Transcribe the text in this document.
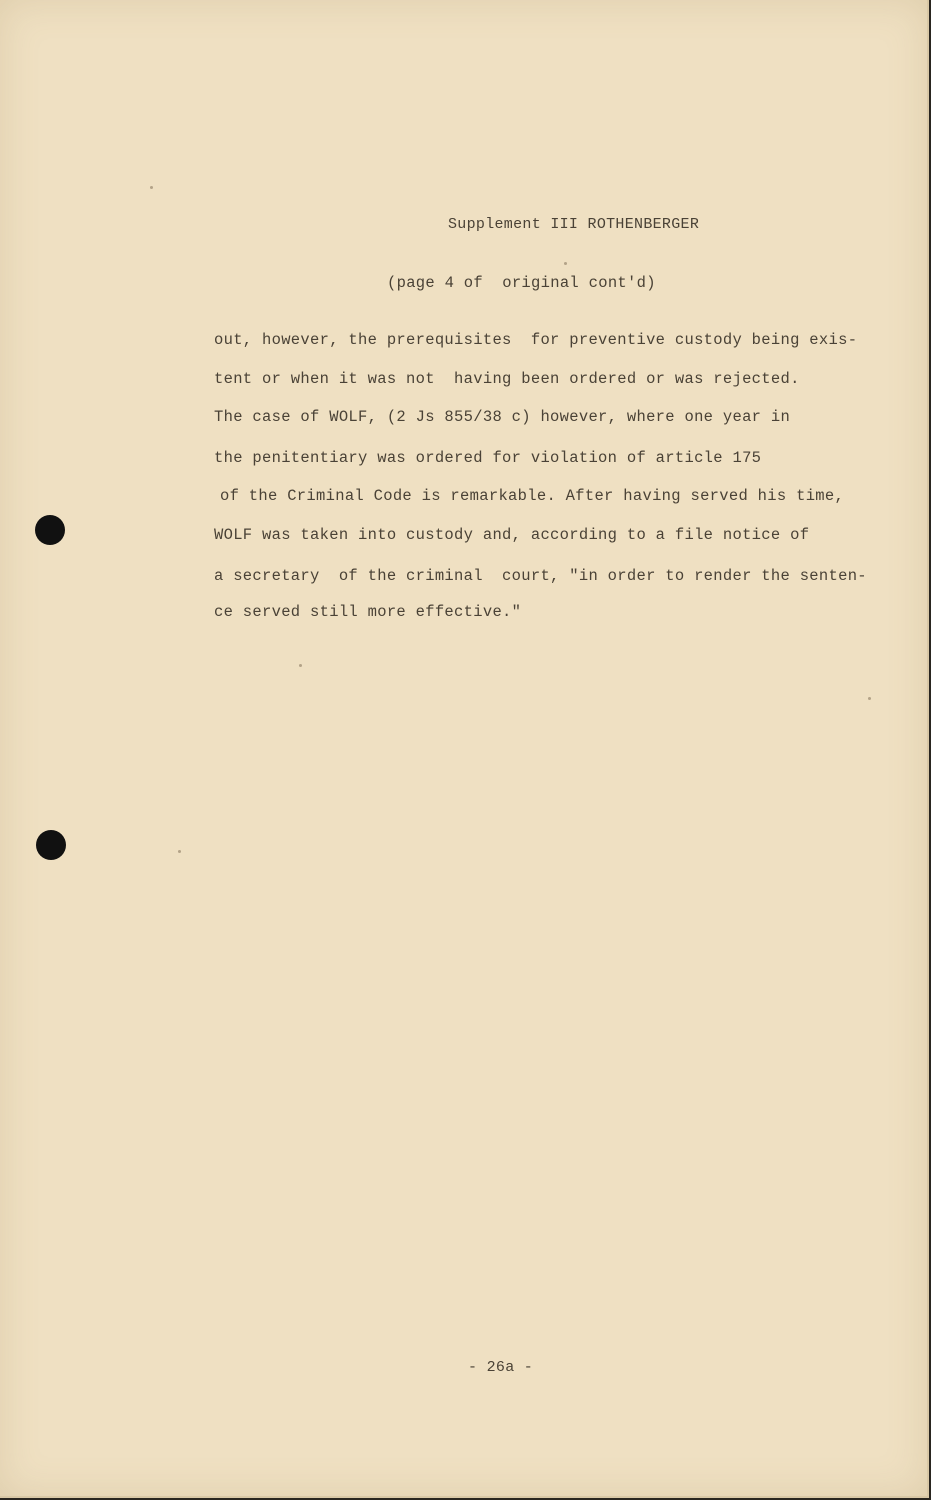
Supplement III ROTHENBERGER
(page 4 of  original cont'd)
out, however, the prerequisites  for preventive custody being exis-
tent or when it was not  having been ordered or was rejected.
The case of WOLF, (2 Js 855/38 c) however, where one year in
the penitentiary was ordered for violation of article 175
of the Criminal Code is remarkable. After having served his time,
WOLF was taken into custody and, according to a file notice of
a secretary  of the criminal  court, "in order to render the senten-
ce served still more effective."
- 26a -
